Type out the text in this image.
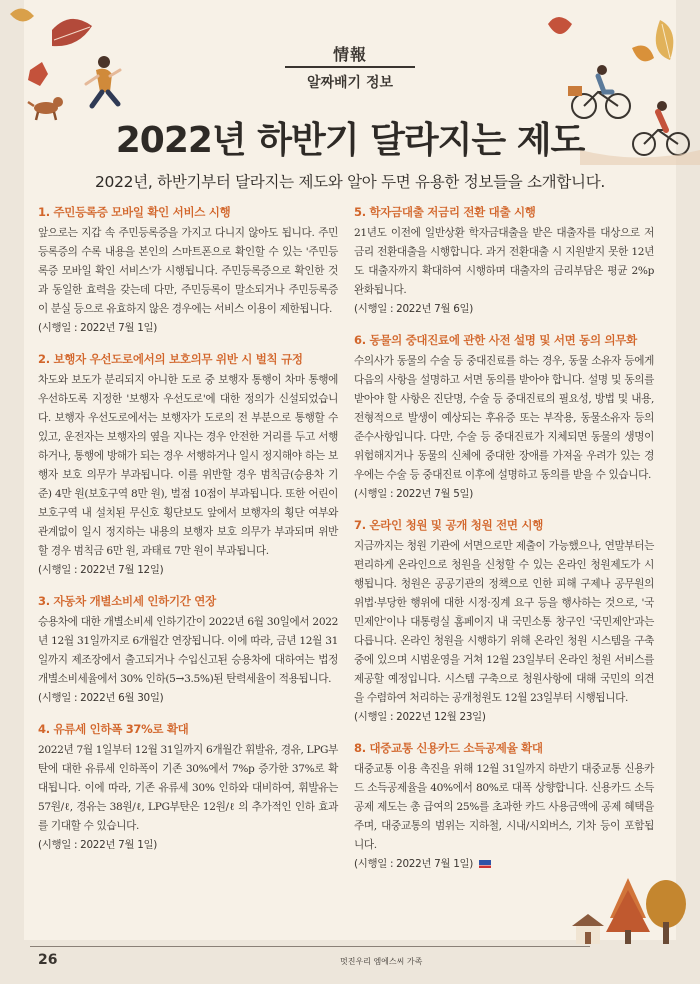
情報
알짜배기 정보
2022년 하반기 달라지는 제도
2022년, 하반기부터 달라지는 제도와 알아 두면 유용한 정보들을 소개합니다.
1. 주민등록증 모바일 확인 서비스 시행

앞으로는 지갑 속 주민등록증을 가지고 다니지 않아도 됩니다. 주민등록증의 수록 내용을 본인의 스마트폰으로 확인할 수 있는 '주민등록증 모바일 확인 서비스'가 시행됩니다. 주민등록증으로 확인한 것과 동일한 효력을 갖는데 다만, 주민등록이 말소되거나 주민등록증이 분실 등으로 유효하지 않은 경우에는 서비스 이용이 제한됩니다.
(시행일 : 2022년 7월 1일)

2. 보행자 우선도로에서의 보호의무 위반 시 벌칙 규정

차도와 보도가 분리되지 아니한 도로 중 보행자 통행이 차마 통행에 우선하도록 지정한 '보행자 우선도로'에 대한 정의가 신설되었습니다. 보행자 우선도로에서는 보행자가 도로의 전 부분으로 통행할 수 있고, 운전자는 보행자의 옆을 지나는 경우 안전한 거리를 두고 서행하거나, 통행에 방해가 되는 경우 서행하거나 일시 정지해야 하는 보행자 보호 의무가 부과됩니다. 이를 위반할 경우 범칙금(승용차 기준) 4만 원(보호구역 8만 원), 벌점 10점이 부과됩니다. 또한 어린이보호구역 내 설치된 무신호 횡단보도 앞에서 보행자의 횡단 여부와 관계없이 일시 정지하는 내용의 보행자 보호 의무가 부과되며 위반할 경우 범칙금 6만 원, 과태료 7만 원이 부과됩니다.
(시행일 : 2022년 7월 12일)

3. 자동차 개별소비세 인하기간 연장

승용차에 대한 개별소비세 인하기간이 2022년 6월 30일에서 2022년 12월 31일까지로 6개월간 연장됩니다. 이에 따라, 금년 12월 31일까지 제조장에서 출고되거나 수입신고된 승용차에 대하여는 법정 개별소비세율에서 30% 인하(5→3.5%)된 탄력세율이 적용됩니다.
(시행일 : 2022년 6월 30일)

4. 유류세 인하폭 37%로 확대

2022년 7월 1일부터 12월 31일까지 6개월간 휘발유, 경유, LPG부탄에 대한 유류세 인하폭이 기존 30%에서 7%p 증가한 37%로 확대됩니다. 이에 따라, 기존 유류세 30% 인하와 대비하여, 휘발유는 57원/ℓ, 경유는 38원/ℓ, LPG부탄은 12원/ℓ 의 추가적인 인하 효과를 기대할 수 있습니다.
(시행일 : 2022년 7월 1일)

5. 학자금대출 저금리 전환 대출 시행

21년도 이전에 일반상환 학자금대출을 받은 대출자를 대상으로 저금리 전환대출을 시행합니다. 과거 전환대출 시 지원받지 못한 12년도 대출자까지 확대하여 시행하며 대출자의 금리부담은 평균 2%p 완화됩니다.
(시행일 : 2022년 7월 6일)

6. 동물의 중대진료에 관한 사전 설명 및 서면 동의 의무화

수의사가 동물의 수술 등 중대진료를 하는 경우, 동물 소유자 등에게 다음의 사항을 설명하고 서면 동의를 받아야 합니다. 설명 및 동의를 받아야 할 사항은 진단명, 수술 등 중대진료의 필요성, 방법 및 내용, 전형적으로 발생이 예상되는 후유증 또는 부작용, 동물소유자 등의 준수사항입니다. 다만, 수술 등 중대진료가 지체되면 동물의 생명이 위험해지거나 동물의 신체에 중대한 장애를 가져올 우려가 있는 경우에는 수술 등 중대진료 이후에 설명하고 동의를 받을 수 있습니다.
(시행일 : 2022년 7월 5일)

7. 온라인 청원 및 공개 청원 전면 시행

지금까지는 청원 기관에 서면으로만 제출이 가능했으나, 연말부터는 편리하게 온라인으로 청원을 신청할 수 있는 온라인 청원제도가 시행됩니다. 청원은 공공기관의 정책으로 인한 피해 구제나 공무원의 위법·부당한 행위에 대한 시정·징계 요구 등을 행사하는 것으로, '국민제안'이나 대통령실 홈페이지 내 국민소통 창구인 '국민제안'과는 다릅니다. 온라인 청원을 시행하기 위해 온라인 청원 시스템을 구축 중에 있으며 시범운영을 거쳐 12월 23일부터 온라인 청원 서비스를 제공할 예정입니다. 시스템 구축으로 청원사항에 대해 국민의 의견을 수렴하여 처리하는 공개청원도 12월 23일부터 시행됩니다.
(시행일 : 2022년 12월 23일)

8. 대중교통 신용카드 소득공제율 확대

대중교통 이용 촉진을 위해 12월 31일까지 하반기 대중교통 신용카드 소득공제율을 40%에서 80%로 대폭 상향합니다. 신용카드 소득공제 제도는 총 급여의 25%를 초과한 카드 사용금액에 공제 혜택을 주며, 대중교통의 범위는 지하철, 시내/시외버스, 기차 등이 포함됩니다.
(시행일 : 2022년 7월 1일)

26	멋진우리 엠에스씨 가족
